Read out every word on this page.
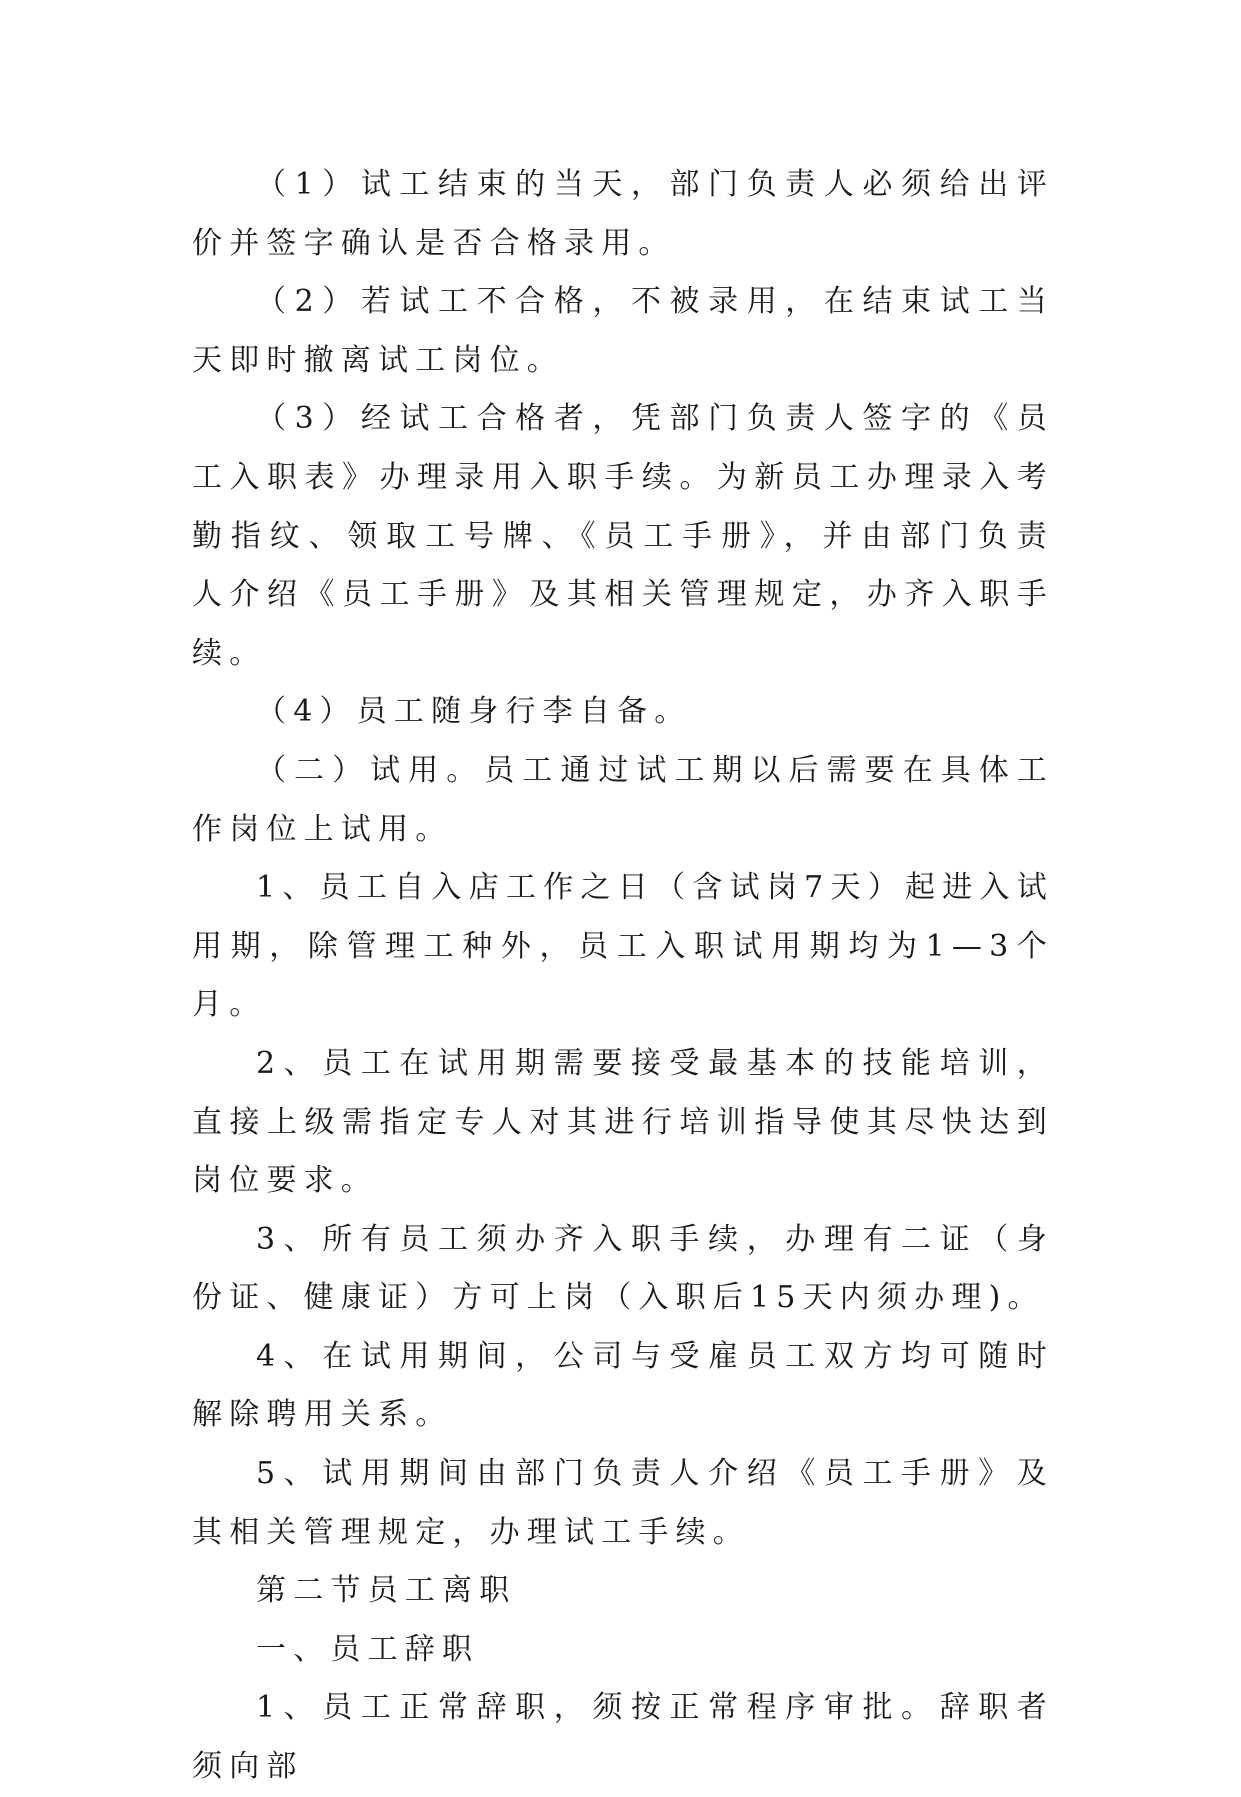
（1）试工结束的当天，部门负责人必须给出评价并签字确认是否合格录用。

（2）若试工不合格，不被录用，在结束试工当天即时撤离试工岗位。

（3）经试工合格者，凭部门负责人签字的《员工入职表》办理录用入职手续。为新员工办理录入考勤指纹、领取工号牌、《员工手册》，并由部门负责人介绍《员工手册》及其相关管理规定，办齐入职手续。

（4）员工随身行李自备。

（二）试用。员工通过试工期以后需要在具体工作岗位上试用。

1、员工自入店工作之日（含试岗7天）起进入试用期，除管理工种外，员工入职试用期均为1—3个月。

2、员工在试用期需要接受最基本的技能培训，直接上级需指定专人对其进行培训指导使其尽快达到岗位要求。

3、所有员工须办齐入职手续，办理有二证（身份证、健康证）方可上岗（入职后15天内须办理)。

4、在试用期间，公司与受雇员工双方均可随时解除聘用关系。

5、试用期间由部门负责人介绍《员工手册》及其相关管理规定，办理试工手续。

第二节员工离职

一、员工辞职

1、员工正常辞职，须按正常程序审批。辞职者须向部
